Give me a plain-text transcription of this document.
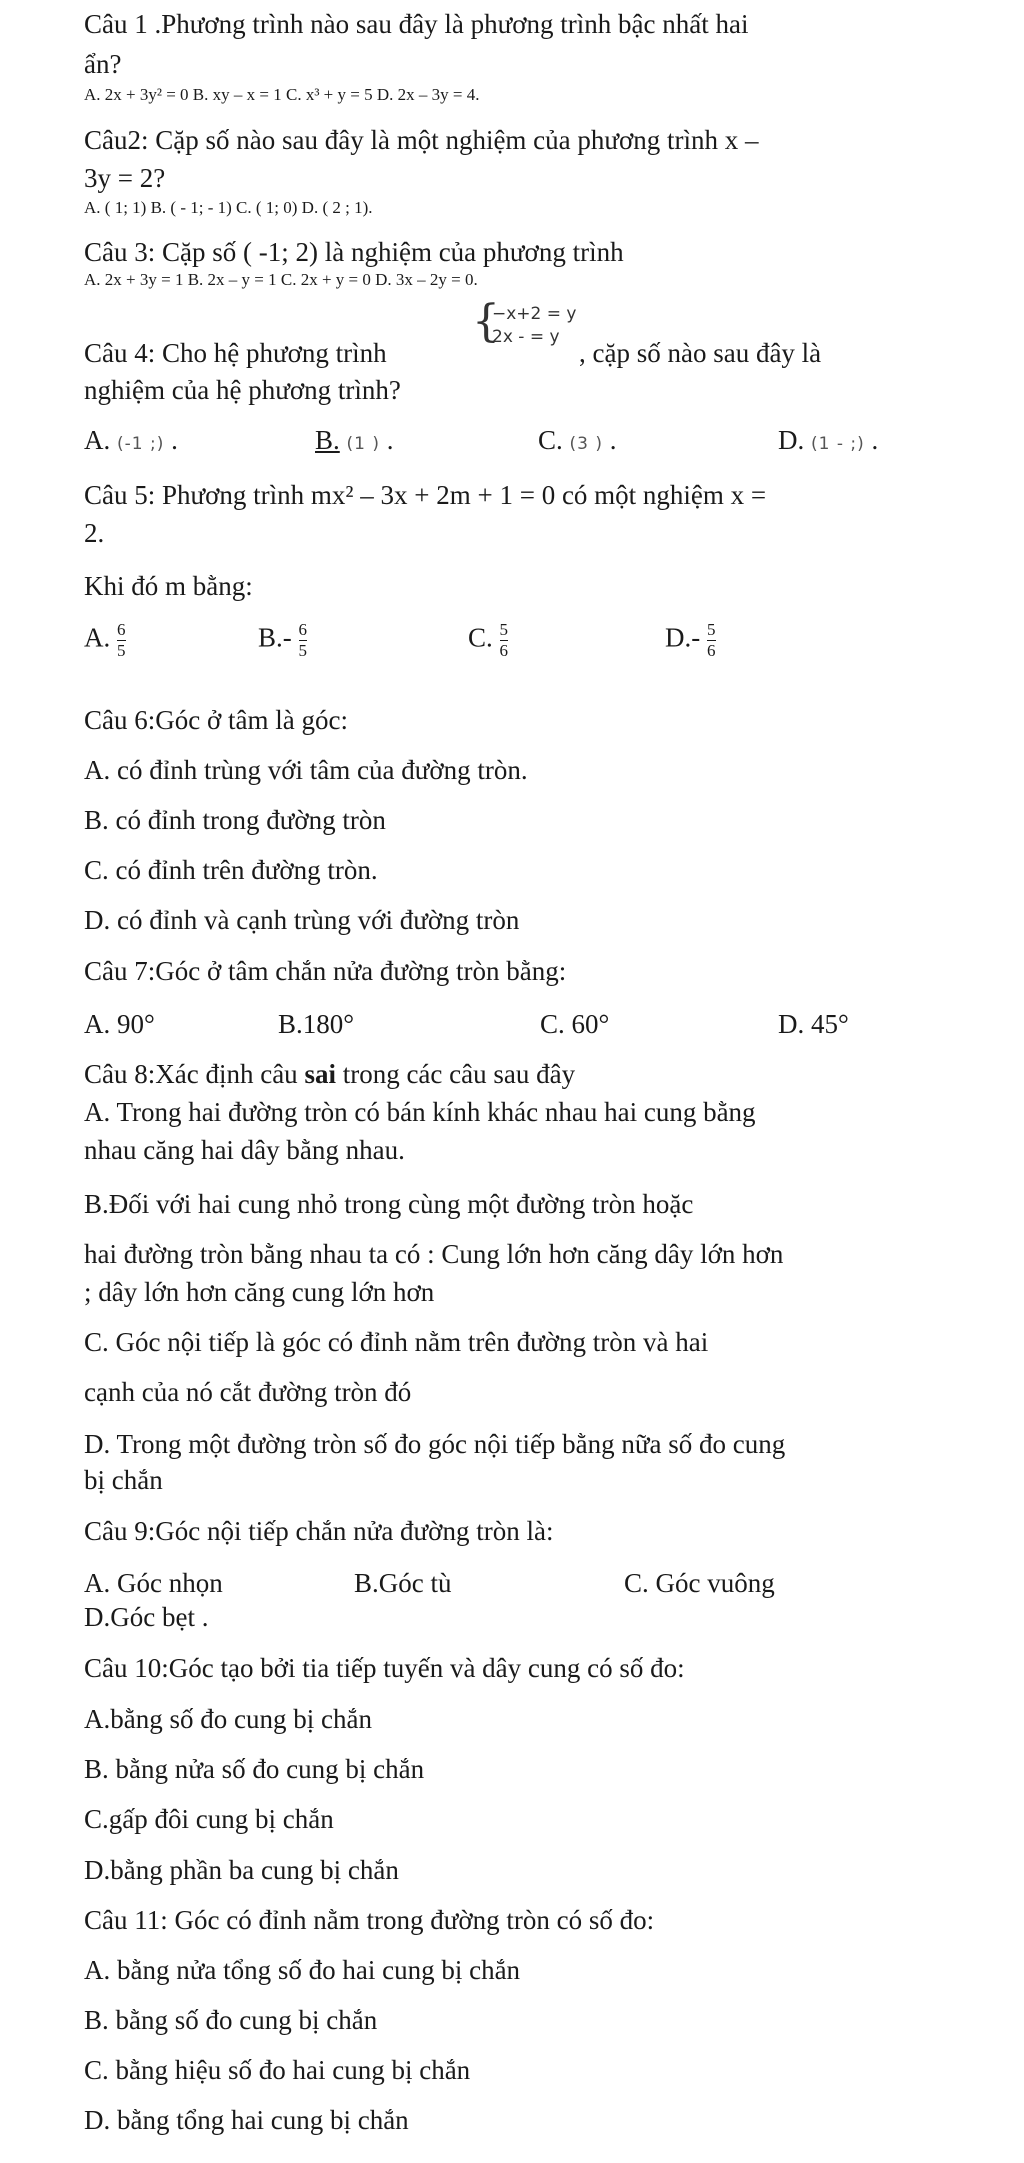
Câu 1 .Phương trình nào sau đây là phương trình bậc nhất hai
ẩn?
A. 2x + 3y² = 0 B. xy – x = 1 C. x³ + y = 5 D. 2x – 3y = 4.
Câu2: Cặp số nào sau đây là một nghiệm của phương trình x –
3y = 2?
A. ( 1; 1) B. ( - 1; - 1) C. ( 1; 0) D. ( 2 ; 1).
Câu 3: Cặp số ( -1; 2) là nghiệm của phương trình
A. 2x + 3y = 1 B. 2x – y = 1 C. 2x + y = 0 D. 3x – 2y = 0.
{
−x+2 = y
2x - = y
Câu 4: Cho hệ phương trình	, cặp số nào sau đây là
nghiệm của hệ phương trình?
A. (-1 ;) .	B. (1 ) .	C. (3 ) .	D. (1 - ;) .
Câu 5: Phương trình mx² – 3x + 2m + 1 = 0 có một nghiệm x =
2.
Khi đó m bằng:
A. $\frac{6}{5}$	$B.- \frac{6}{5}$	C. $\frac{5}{6}$	$D.- \frac{5}{6}$
Câu 6:Góc ở tâm là góc:
A. có đỉnh trùng với tâm của đường tròn.
B. có đỉnh trong đường tròn
C. có đỉnh trên đường tròn.
D. có đỉnh và cạnh trùng với đường tròn
Câu 7:Góc ở tâm chắn nửa đường tròn bằng:
A. 90°	B.180°	C. 60°	D. 45°
Câu 8:Xác định câu sai trong các câu sau đây
A. Trong hai đường tròn có bán kính khác nhau hai cung bằng
nhau căng hai dây bằng nhau.
B.Đối với hai cung nhỏ trong cùng một đường tròn hoặc
hai đường tròn bằng nhau ta có : Cung lớn hơn căng dây lớn hơn
; dây lớn hơn căng cung lớn hơn
C. Góc nội tiếp là góc có đỉnh nằm trên đường tròn và hai
cạnh của nó cắt đường tròn đó
D. Trong một đường tròn số đo góc nội tiếp bằng nữa số đo cung
bị chắn
Câu 9:Góc nội tiếp chắn nửa đường tròn là:
A. Góc nhọn	B.Góc tù	C. Góc vuông
D.Góc bẹt .
Câu 10:Góc tạo bởi tia tiếp tuyến và dây cung có số đo:
A.bằng số đo cung bị chắn
B. bằng nửa số đo cung bị chắn
C.gấp đôi cung bị chắn
D.bằng phần ba cung bị chắn
Câu 11: Góc có đỉnh nằm trong đường tròn có số đo:
A. bằng nửa tổng số đo hai cung bị chắn
B. bằng số đo cung bị chắn
C. bằng hiệu số đo hai cung bị chắn
D. bằng tổng hai cung bị chắn
